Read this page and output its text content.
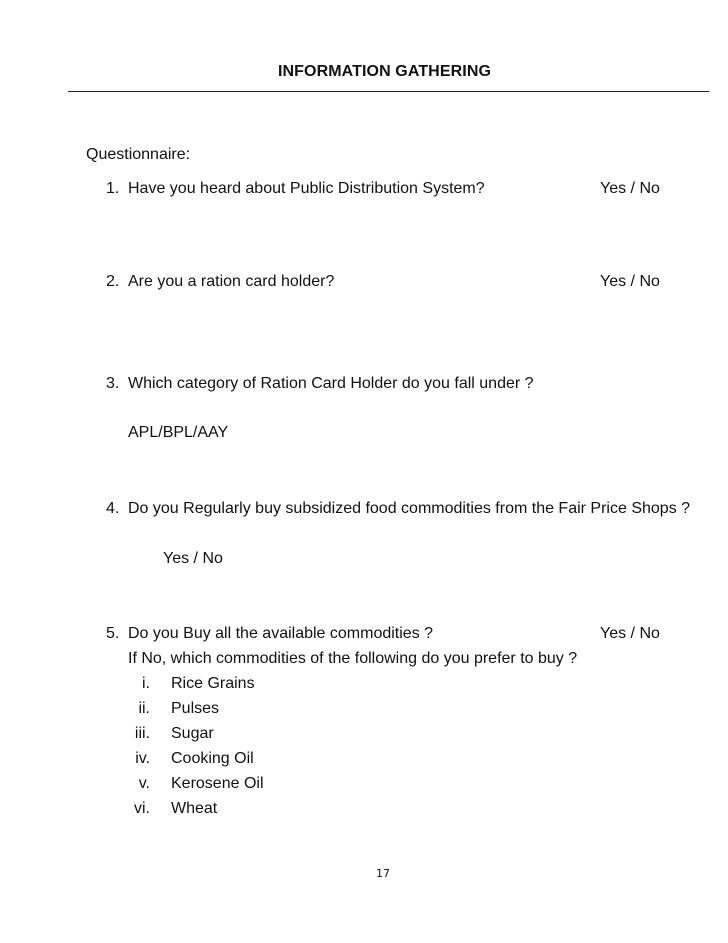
INFORMATION GATHERING
Questionnaire:
1. Have you heard about Public Distribution System?	Yes / No
2. Are you a ration card holder?	Yes / No
3. Which category of Ration Card Holder do you fall under ?
APL/BPL/AAY
4. Do you Regularly buy subsidized food commodities from the Fair Price Shops ?
Yes / No
5. Do you Buy all the available commodities ?	Yes / No
If No, which commodities of the following do you prefer to buy ?
i. Rice Grains
ii. Pulses
iii. Sugar
iv. Cooking Oil
v. Kerosene Oil
vi. Wheat
17
